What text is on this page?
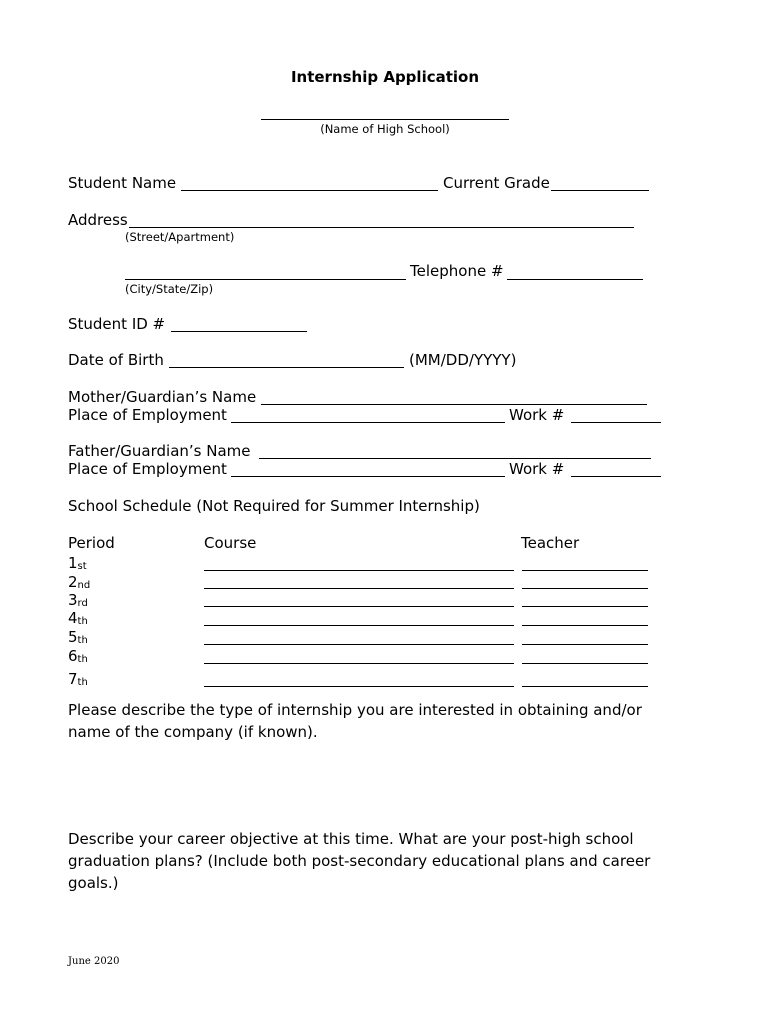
Internship Application
(Name of High School)
Student Name	Current Grade
Address
(Street/Apartment)
Telephone #
(City/State/Zip)
Student ID #
Date of Birth	(MM/DD/YYYY)
Mother/Guardian’s Name
Place of Employment	Work #
Father/Guardian’s Name
Place of Employment	Work #
School Schedule (Not Required for Summer Internship)
Period	Course	Teacher
1st
2nd
3rd
4th
5th
6th
7th
Please describe the type of internship you are interested in obtaining and/or name of the company (if known).
Describe your career objective at this time. What are your post-high school graduation plans? (Include both post-secondary educational plans and career goals.)
June 2020
